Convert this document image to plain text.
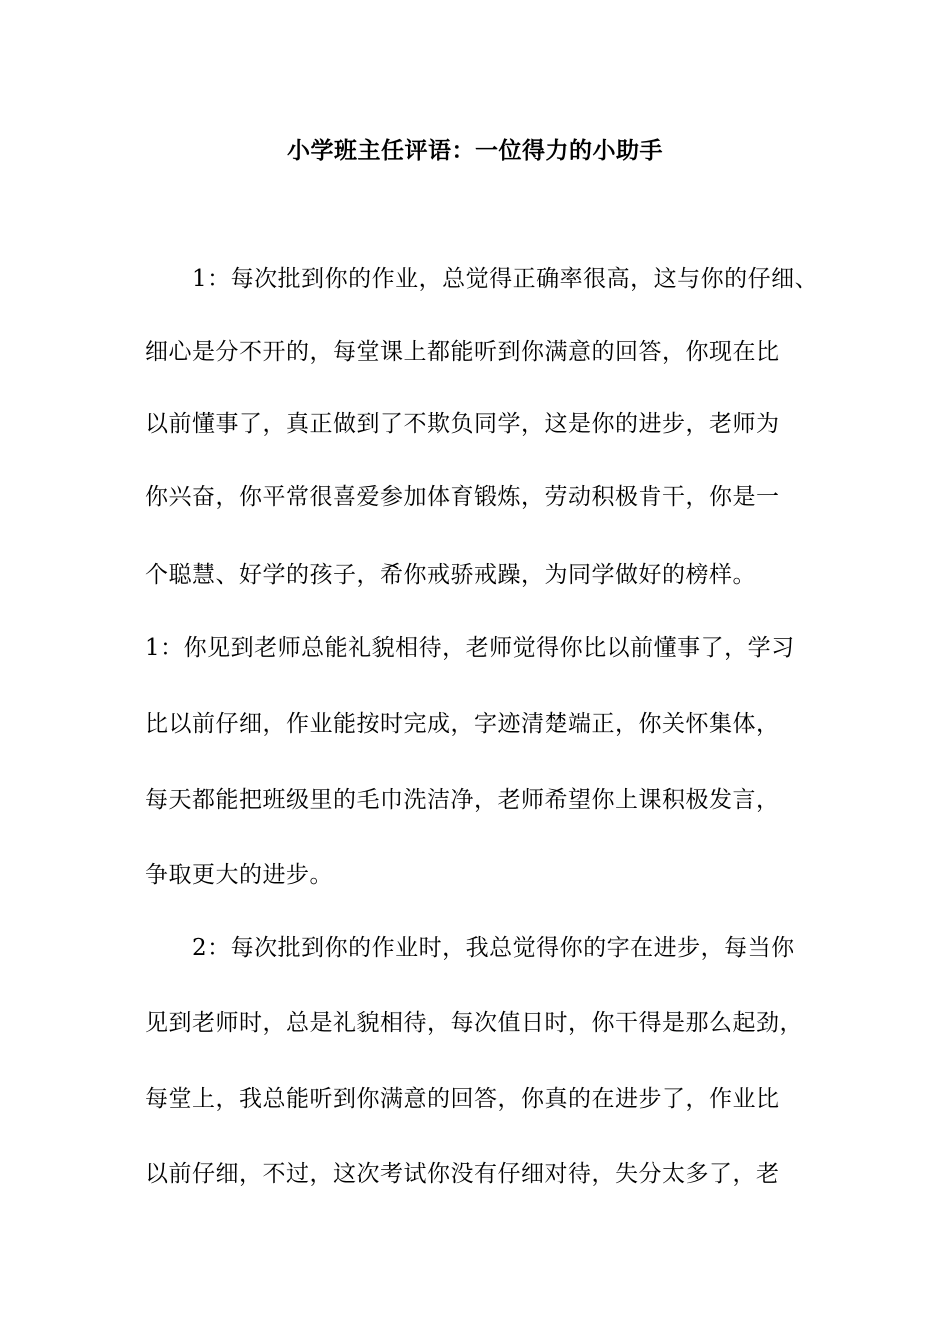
小学班主任评语：一位得力的小助手
　　1：每次批到你的作业，总觉得正确率很高，这与你的仔细、
细心是分不开的，每堂课上都能听到你满意的回答，你现在比
以前懂事了，真正做到了不欺负同学，这是你的进步，老师为
你兴奋，你平常很喜爱参加体育锻炼，劳动积极肯干，你是一
个聪慧、好学的孩子，希你戒骄戒躁，为同学做好的榜样。
1：你见到老师总能礼貌相待，老师觉得你比以前懂事了，学习
比以前仔细，作业能按时完成，字迹清楚端正，你关怀集体，
每天都能把班级里的毛巾洗洁净，老师希望你上课积极发言，
争取更大的进步。
　　2：每次批到你的作业时，我总觉得你的字在进步，每当你
见到老师时，总是礼貌相待，每次值日时，你干得是那么起劲，
每堂上，我总能听到你满意的回答，你真的在进步了，作业比
以前仔细，不过，这次考试你没有仔细对待，失分太多了，老
